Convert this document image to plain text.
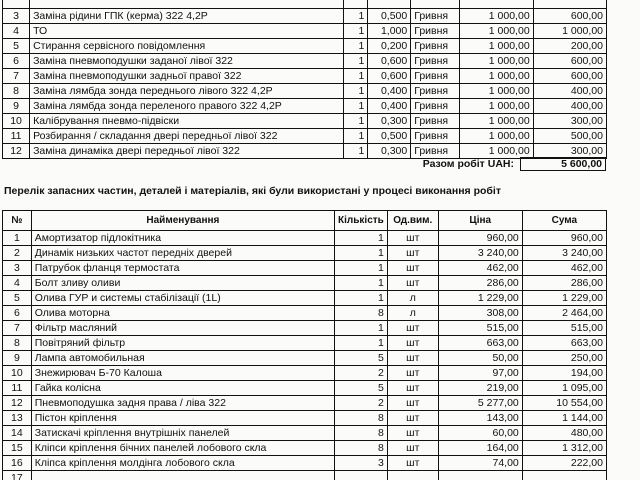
3	Заміна рідини ГПК (керма) 322 4,2Р	1	0,500	Гривня	1 000,00	600,00
4	ТО	1	1,000	Гривня	1 000,00	1 000,00
5	Стирання сервісного повідомлення	1	0,200	Гривня	1 000,00	200,00
6	Заміна пневмоподушки заданої лівої 322	1	0,600	Гривня	1 000,00	600,00
7	Заміна пневмоподушки задньої правої 322	1	0,600	Гривня	1 000,00	600,00
8	Заміна лямбда зонда переднього лівого 322 4,2Р	1	0,400	Гривня	1 000,00	400,00
9	Заміна лямбда зонда переленого правого 322 4,2Р	1	0,400	Гривня	1 000,00	400,00
10	Калібрування пневмо-підвіски	1	0,300	Гривня	1 000,00	300,00
11	Розбирання / складання двері передньої лівої 322	1	0,500	Гривня	1 000,00	500,00
12	Заміна динаміка двері передньої лівої 322	1	0,300	Гривня	1 000,00	300,00
Разом робіт UAH:	5 600,00
Перелік запасних частин, деталей і матеріалів, які були використані у процесі виконання робіт
№	Найменування	Кількість	Од.вим.	Ціна	Сума
1	Амортизатор підлокітника	1	шт	960,00	960,00
2	Динамік низьких частот передніх дверей	1	шт	3 240,00	3 240,00
3	Патрубок фланця термостата	1	шт	462,00	462,00
4	Болт зливу оливи	1	шт	286,00	286,00
5	Олива ГУР и системы стабілізації (1L)	1	л	1 229,00	1 229,00
6	Олива моторна	8	л	308,00	2 464,00
7	Фільтр масляний	1	шт	515,00	515,00
8	Повітряний фільтр	1	шт	663,00	663,00
9	Лампа автомобильная	5	шт	50,00	250,00
10	Знежирювач Б-70 Калоша	2	шт	97,00	194,00
11	Гайка колісна	5	шт	219,00	1 095,00
12	Пневмоподушка задня права / ліва 322	2	шт	5 277,00	10 554,00
13	Пістон кріплення	8	шт	143,00	1 144,00
14	Затискачі кріплення внутрішніх панелей	8	шт	60,00	480,00
15	Кліпси кріплення бічних панелей лобового скла	8	шт	164,00	1 312,00
16	Кліпса кріплення молдінга лобового скла	3	шт	74,00	222,00
17					
